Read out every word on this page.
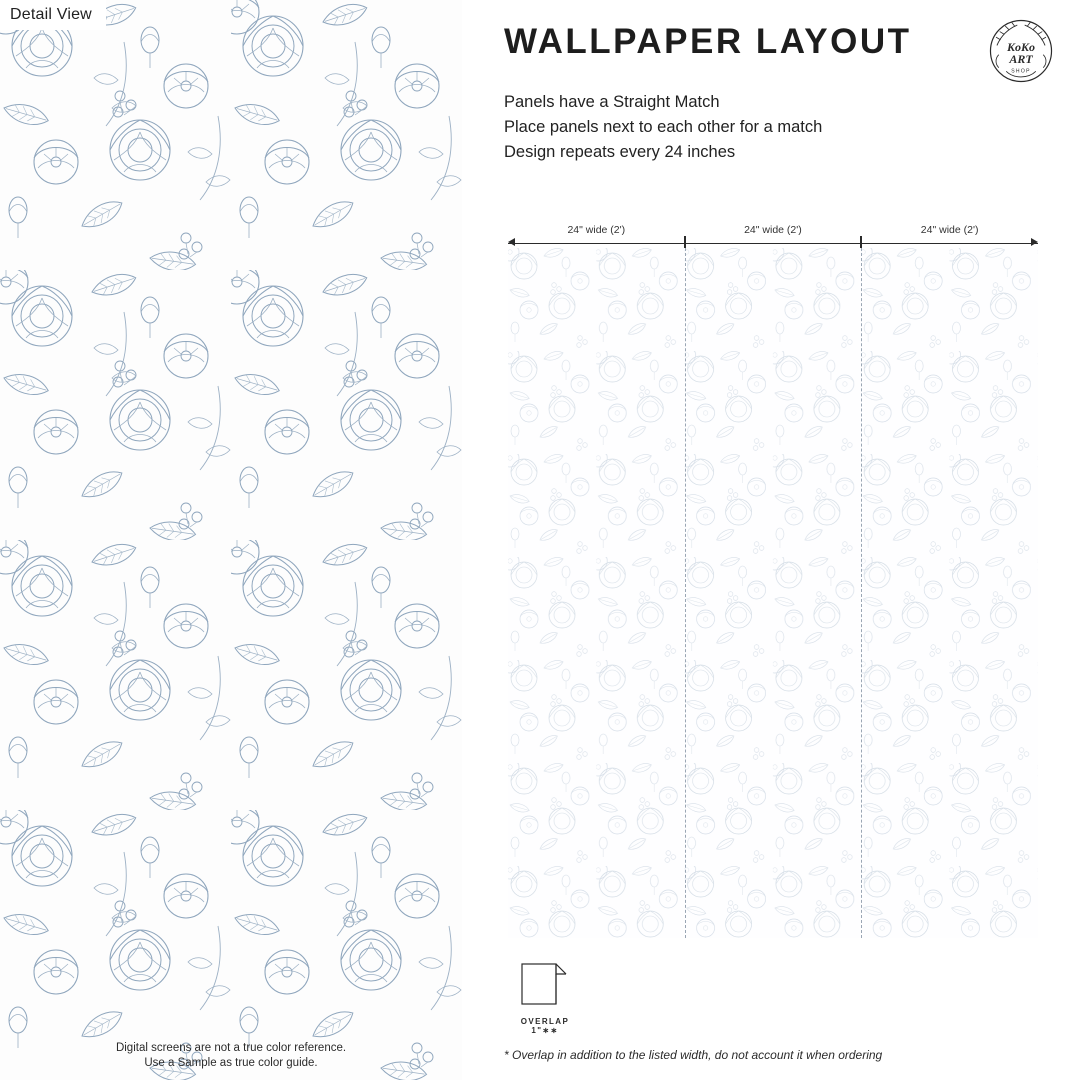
Detail View
Digital screens are not a true color reference.
Use a Sample as true color guide.
WALLPAPER LAYOUT	KoKo
ART
SHOP
Panels have a Straight Match
Place panels next to each other for a match
Design repeats every 24 inches
24" wide (2')	24" wide (2')	24" wide (2')
OVERLAP 1"∗∗
* Overlap in addition to the listed width, do not account it when ordering
